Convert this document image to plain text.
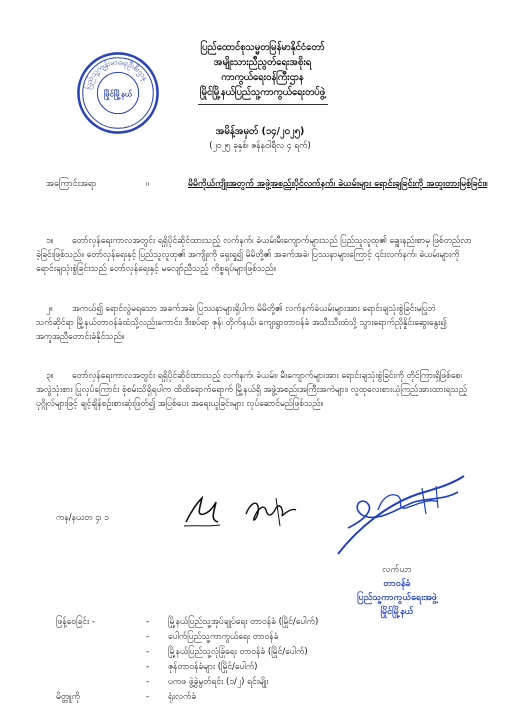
ပြည်သူ့ကျန်းမာရေးဦးစီးဌာန
မြိုင်မြို့နယ်
ပြည်ထောင်စုသမ္မတမြန်မာနိုင်ငံတော်
အမျိုးသားညီညွတ်ရေးအစိုးရ
ကာကွယ်ရေးဝန်ကြီးဌာန
မြိုင်မြို့နယ်ပြည်သူ့ကာကွယ်ရေးတပ်ဖွဲ့
အမိန့်အမှတ် (၁၄/၂၀၂၅)
(၂၀၂၅ ခုနှစ်၊ ဇန်နဝါရီလ ၄ ရက်)
အကြောင်းအရာ	။	မိမိကိုယ်ကျိုးအတွက် အဖွဲ့အစည်းပိုင်လက်နက်၊ ခဲယမ်းများ ရောင်းချခြင်းကို အထူးတားမြစ်ခြင်း။
၁။	တော်လှန်ရေးကာလအတွင်း ရရှိပိုင်ဆိုင်ထားသည့် လက်နက်၊ ခဲယမ်းမီးကျောက်များသည် ပြည်သူလူထု၏ ချွေးနည်းစာမှ ဖြစ်တည်လာခဲ့ခြင်းဖြစ်သည်။ တော်လှန်ရေးနှင့် ပြည်သူလူထု၏ အကျိုးကို ရှေးရှု၍ မိမိတို့၏ အခက်အခဲ၊ ပြဿနာများကြောင့် ၎င်းလက်နက်၊ ခဲယမ်းများကို ရောင်းချသုံးစွဲခြင်းသည် တော်လှန်ရေးနှင့် မလျော်ညီသည့် ကိစ္စရပ်များဖြစ်သည်။
၂။	အကယ်၍ ရောင်လွဲမရသော အခက်အခဲ၊ ပြဿနာများရှိပါက မိမိတို့၏ လက်နက်ခဲယမ်းများအား ရောင်းချသုံးစွဲခြင်းမပြုဘဲ သက်ဆိုင်ရာ မြို့နယ်တာဝန်ခံထံသို့လည်းကောင်း၊ ဒီးစပ်ရာ ဇုန်၊ တိုက်နယ်၊ ကျေးရွာတာဝန်ခံ အသီးသီးထံသို့ သွားရောက်ညှိနှိုင်းဆွေးနွေး၍ အကူအညီတောင်းခံနိုင်သည်။
၃။	တော်လှန်ရေးကာလအတွင်း ရရှိပိုင်ဆိုင်ထားသည့် လက်နက်၊ ခဲယမ်း၊ မီးကျောက်များအား ရောင်းချသုံးစွဲခြင်းကို တိုင်ကြားရှိဖြစ်စေ၊ အလွဲသုံးစား ပြုလုပ်ကြောင်း စုံစမ်းသိရှိရပါက ထိထိရောက်ရောက် မြို့နယ်ရှိ အဖွဲ့အစည်းအကြီးအကဲများ၊ လူထုလေးစားယုံကြည်အားထားရသည့် ပုဂ္ဂိုလ်များဖြင့် ချင့်ချိန်စဉ်းစားဆုံးဖြတ်၍ အပြစ်ပေး အရေးယူခြင်းများ လုပ်ဆောင်မည်ဖြစ်သည်။
ကန/နယတ ၄၊ ၁
လက်ယာ
တာဝန်ခံ
ပြည်သူ့ကာကွယ်ရေးအဖွဲ့
မြိုင်မြို့နယ်
ဖြန့်ဝေခြင်း -	- မြို့နယ်ပြည်သူ့အုပ်ချုပ်ရေး တာဝန်ခံ (မြိုင်/ပေါက်)
- ပေါက်ပြည်သူ့ကာကွယ်ရေး တာဝန်ခံ
- မြို့နယ်ပြည်သူ့လုံခြုံရေး တာဝန်ခံ (မြိုင်/ပေါက်)
- ဇုန်တာဝန်ခံများ (မြိုင်/ပေါက်)
- ပကဖ ဖွဲ့ခွဲမွတ်ရင်း (၁/၂) ရင်းမျိုး
မိတ္တူကို	- ရုံးလက်ခံ
